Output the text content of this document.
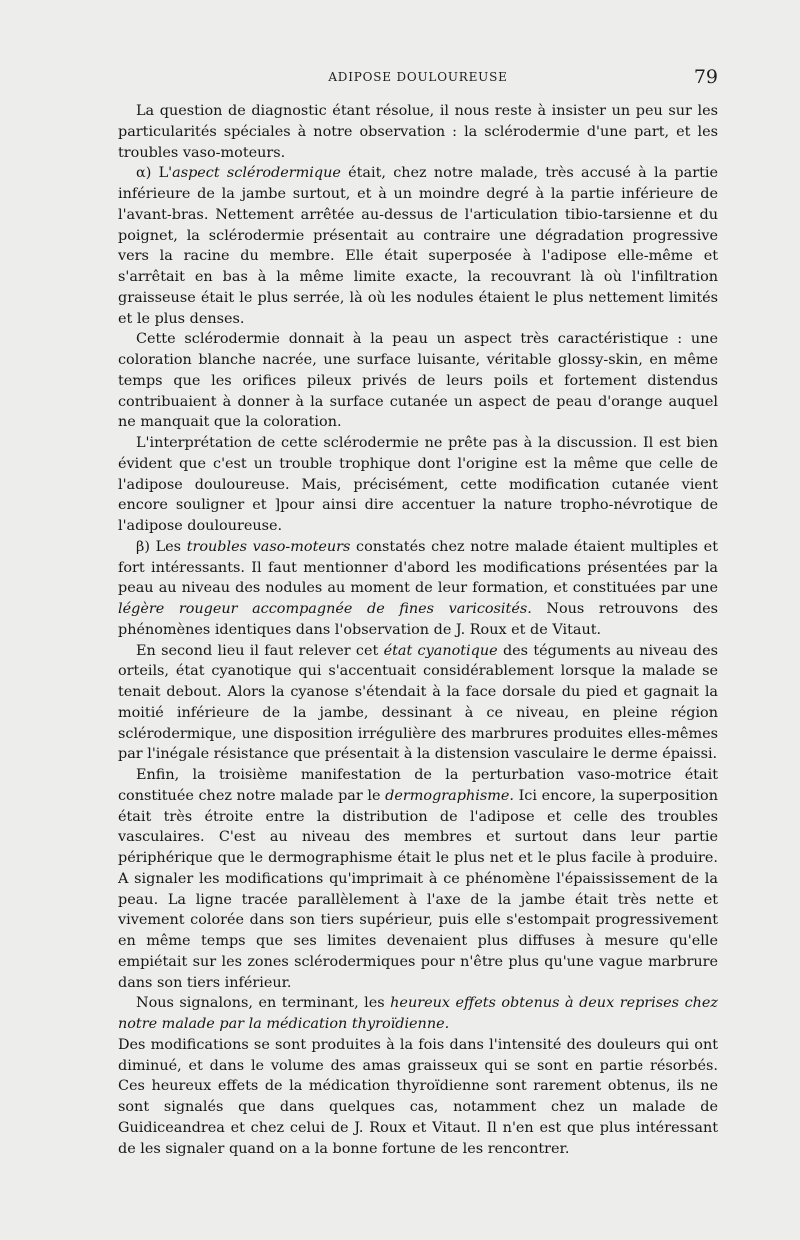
ADIPOSE DOULOUREUSE	79

La question de diagnostic étant résolue, il nous reste à insister un peu sur les particularités spéciales à notre observation : la sclérodermie d'une part, et les troubles vaso-moteurs.

α) L'aspect sclérodermique était, chez notre malade, très accusé à la partie inférieure de la jambe surtout, et à un moindre degré à la partie inférieure de l'avant-bras. Nettement arrêtée au-dessus de l'articulation tibio-tarsienne et du poignet, la sclérodermie présentait au contraire une dégradation progressive vers la racine du membre. Elle était superposée à l'adipose elle-même et s'arrêtait en bas à la même limite exacte, la recouvrant là où l'infiltration graisseuse était le plus serrée, là où les nodules étaient le plus nettement limités et le plus denses.

Cette sclérodermie donnait à la peau un aspect très caractéristique : une coloration blanche nacrée, une surface luisante, véritable glossy-skin, en même temps que les orifices pileux privés de leurs poils et fortement distendus contribuaient à donner à la surface cutanée un aspect de peau d'orange auquel ne manquait que la coloration.

L'interprétation de cette sclérodermie ne prête pas à la discussion. Il est bien évident que c'est un trouble trophique dont l'origine est la même que celle de l'adipose douloureuse. Mais, précisément, cette modification cutanée vient encore souligner et ]pour ainsi dire accentuer la nature tropho-névrotique de l'adipose douloureuse.

β) Les troubles vaso-moteurs constatés chez notre malade étaient multiples et fort intéressants. Il faut mentionner d'abord les modifications présentées par la peau au niveau des nodules au moment de leur formation, et constituées par une légère rougeur accompagnée de fines varicosités. Nous retrouvons des phénomènes identiques dans l'observation de J. Roux et de Vitaut.

En second lieu il faut relever cet état cyanotique des téguments au niveau des orteils, état cyanotique qui s'accentuait considérablement lorsque la malade se tenait debout. Alors la cyanose s'étendait à la face dorsale du pied et gagnait la moitié inférieure de la jambe, dessinant à ce niveau, en pleine région sclérodermique, une disposition irrégulière des marbrures produites elles-mêmes par l'inégale résistance que présentait à la distension vasculaire le derme épaissi.

Enfin, la troisième manifestation de la perturbation vaso-motrice était constituée chez notre malade par le dermographisme. Ici encore, la superposition était très étroite entre la distribution de l'adipose et celle des troubles vasculaires. C'est au niveau des membres et surtout dans leur partie périphérique que le dermographisme était le plus net et le plus facile à produire. A signaler les modifications qu'imprimait à ce phénomène l'épaississement de la peau. La ligne tracée parallèlement à l'axe de la jambe était très nette et vivement colorée dans son tiers supérieur, puis elle s'estompait progressivement en même temps que ses limites devenaient plus diffuses à mesure qu'elle empiétait sur les zones sclérodermiques pour n'être plus qu'une vague marbrure dans son tiers inférieur.

Nous signalons, en terminant, les heureux effets obtenus à deux reprises chez notre malade par la médication thyroïdienne.

Des modifications se sont produites à la fois dans l'intensité des douleurs qui ont diminué, et dans le volume des amas graisseux qui se sont en partie résorbés. Ces heureux effets de la médication thyroïdienne sont rarement obtenus, ils ne sont signalés que dans quelques cas, notamment chez un malade de Guidiceandrea et chez celui de J. Roux et Vitaut. Il n'en est que plus intéressant de les signaler quand on a la bonne fortune de les rencontrer.
